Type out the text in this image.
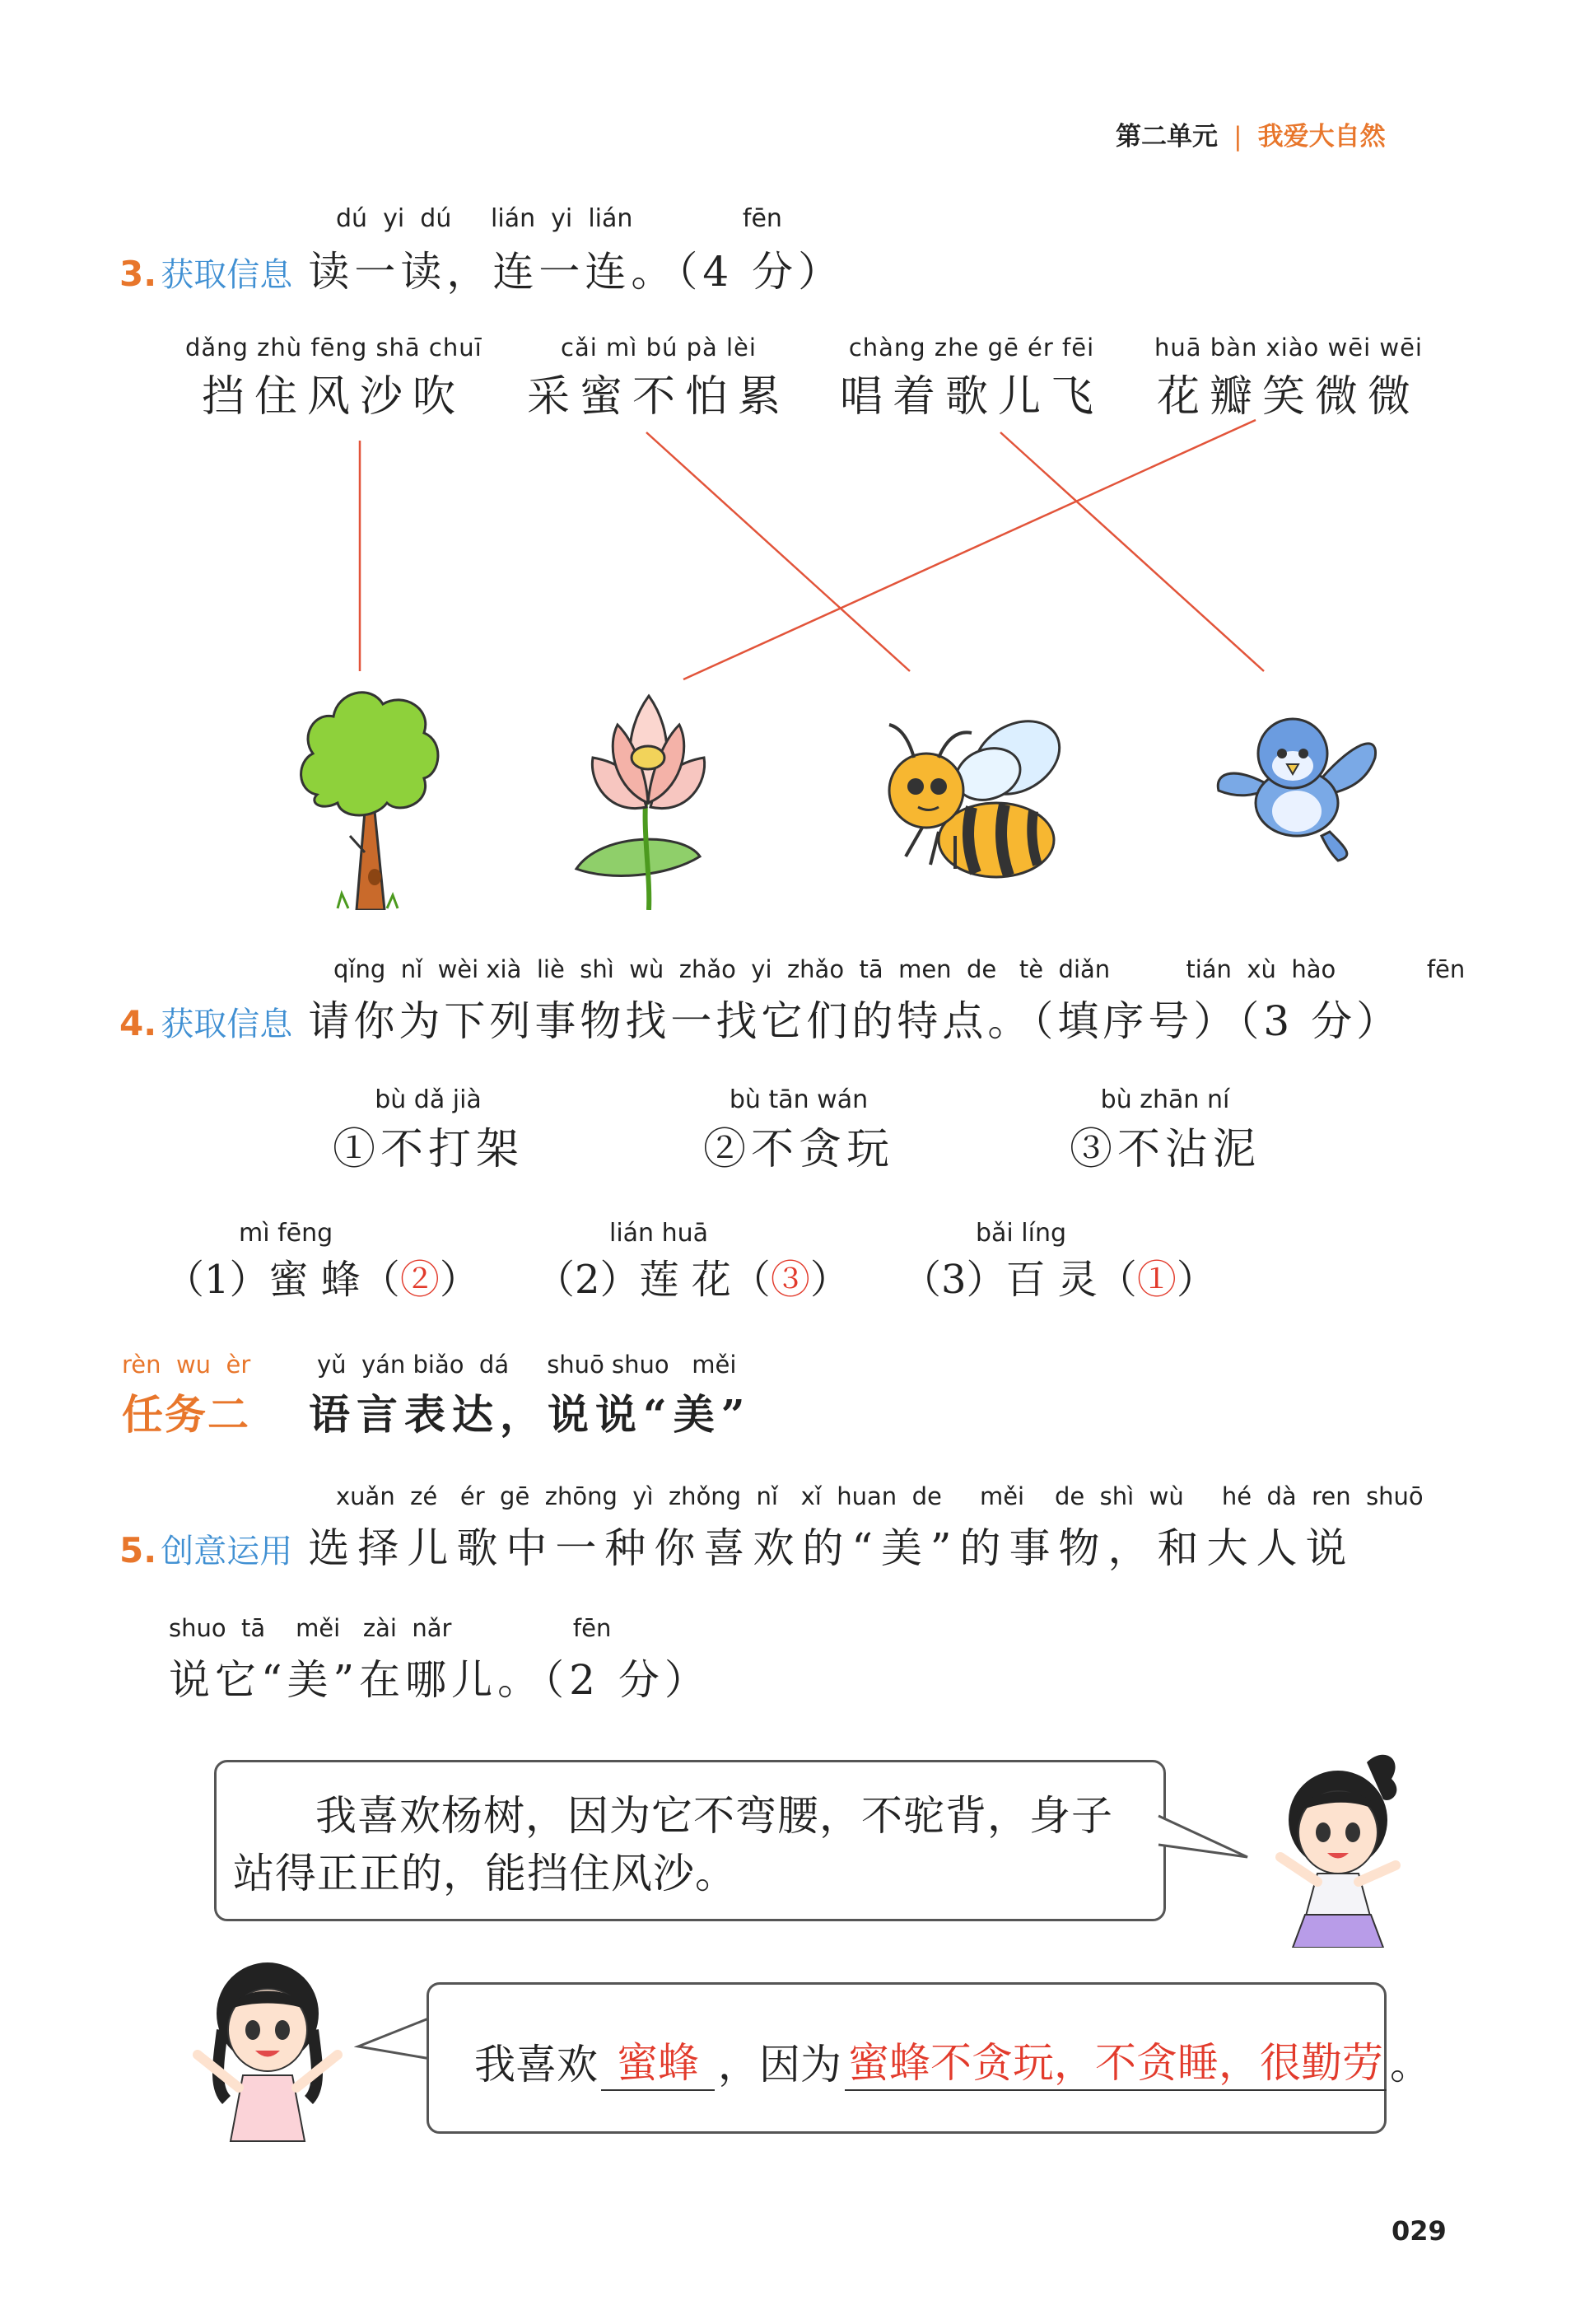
第二单元 | 我爱大自然
dú  yi  dú     lián  yi  lián              fēn
3. 获取信息 读一读，连一连。（4 分）
dǎng zhù fēng shā chuī
挡住风沙吹
cǎi mì bú pà lèi
采蜜不怕累
chàng zhe gē ér fēi
唱着歌儿飞
huā bàn xiào wēi wēi
花瓣笑微微
qǐng  nǐ  wèi xià  liè  shì  wù  zhǎo  yi  zhǎo  tā  men  de   tè  diǎn          tián  xù  hào            fēn
4. 获取信息 请你为下列事物找一找它们的特点。（填序号）（3 分）
bù dǎ jià
①不打架
bù tān wán
②不贪玩
bù zhān ní
③不沾泥
mì fēng
（1）蜜 蜂（②）
lián huā
（2）莲 花（③）
bǎi líng
（3）百 灵（①）
rèn  wu  èr
任务二
yǔ  yán biǎo  dá     shuō shuo   měi
语言表达，说说“美”
xuǎn  zé   ér  gē  zhōng  yì  zhǒng  nǐ   xǐ  huan  de     měi    de  shì  wù     hé  dà  ren  shuō
5. 创意运用 选择儿歌中一种你喜欢的“美”的事物，和大人说
shuo  tā    měi   zài  nǎr                fēn
说它“美”在哪儿。（2 分）
我喜欢杨树，因为它不弯腰，不驼背，身子站得正正的，能挡住风沙。
我喜欢 蜜蜂 ，因为 蜜蜂不贪玩，不贪睡，很勤劳 。
029
